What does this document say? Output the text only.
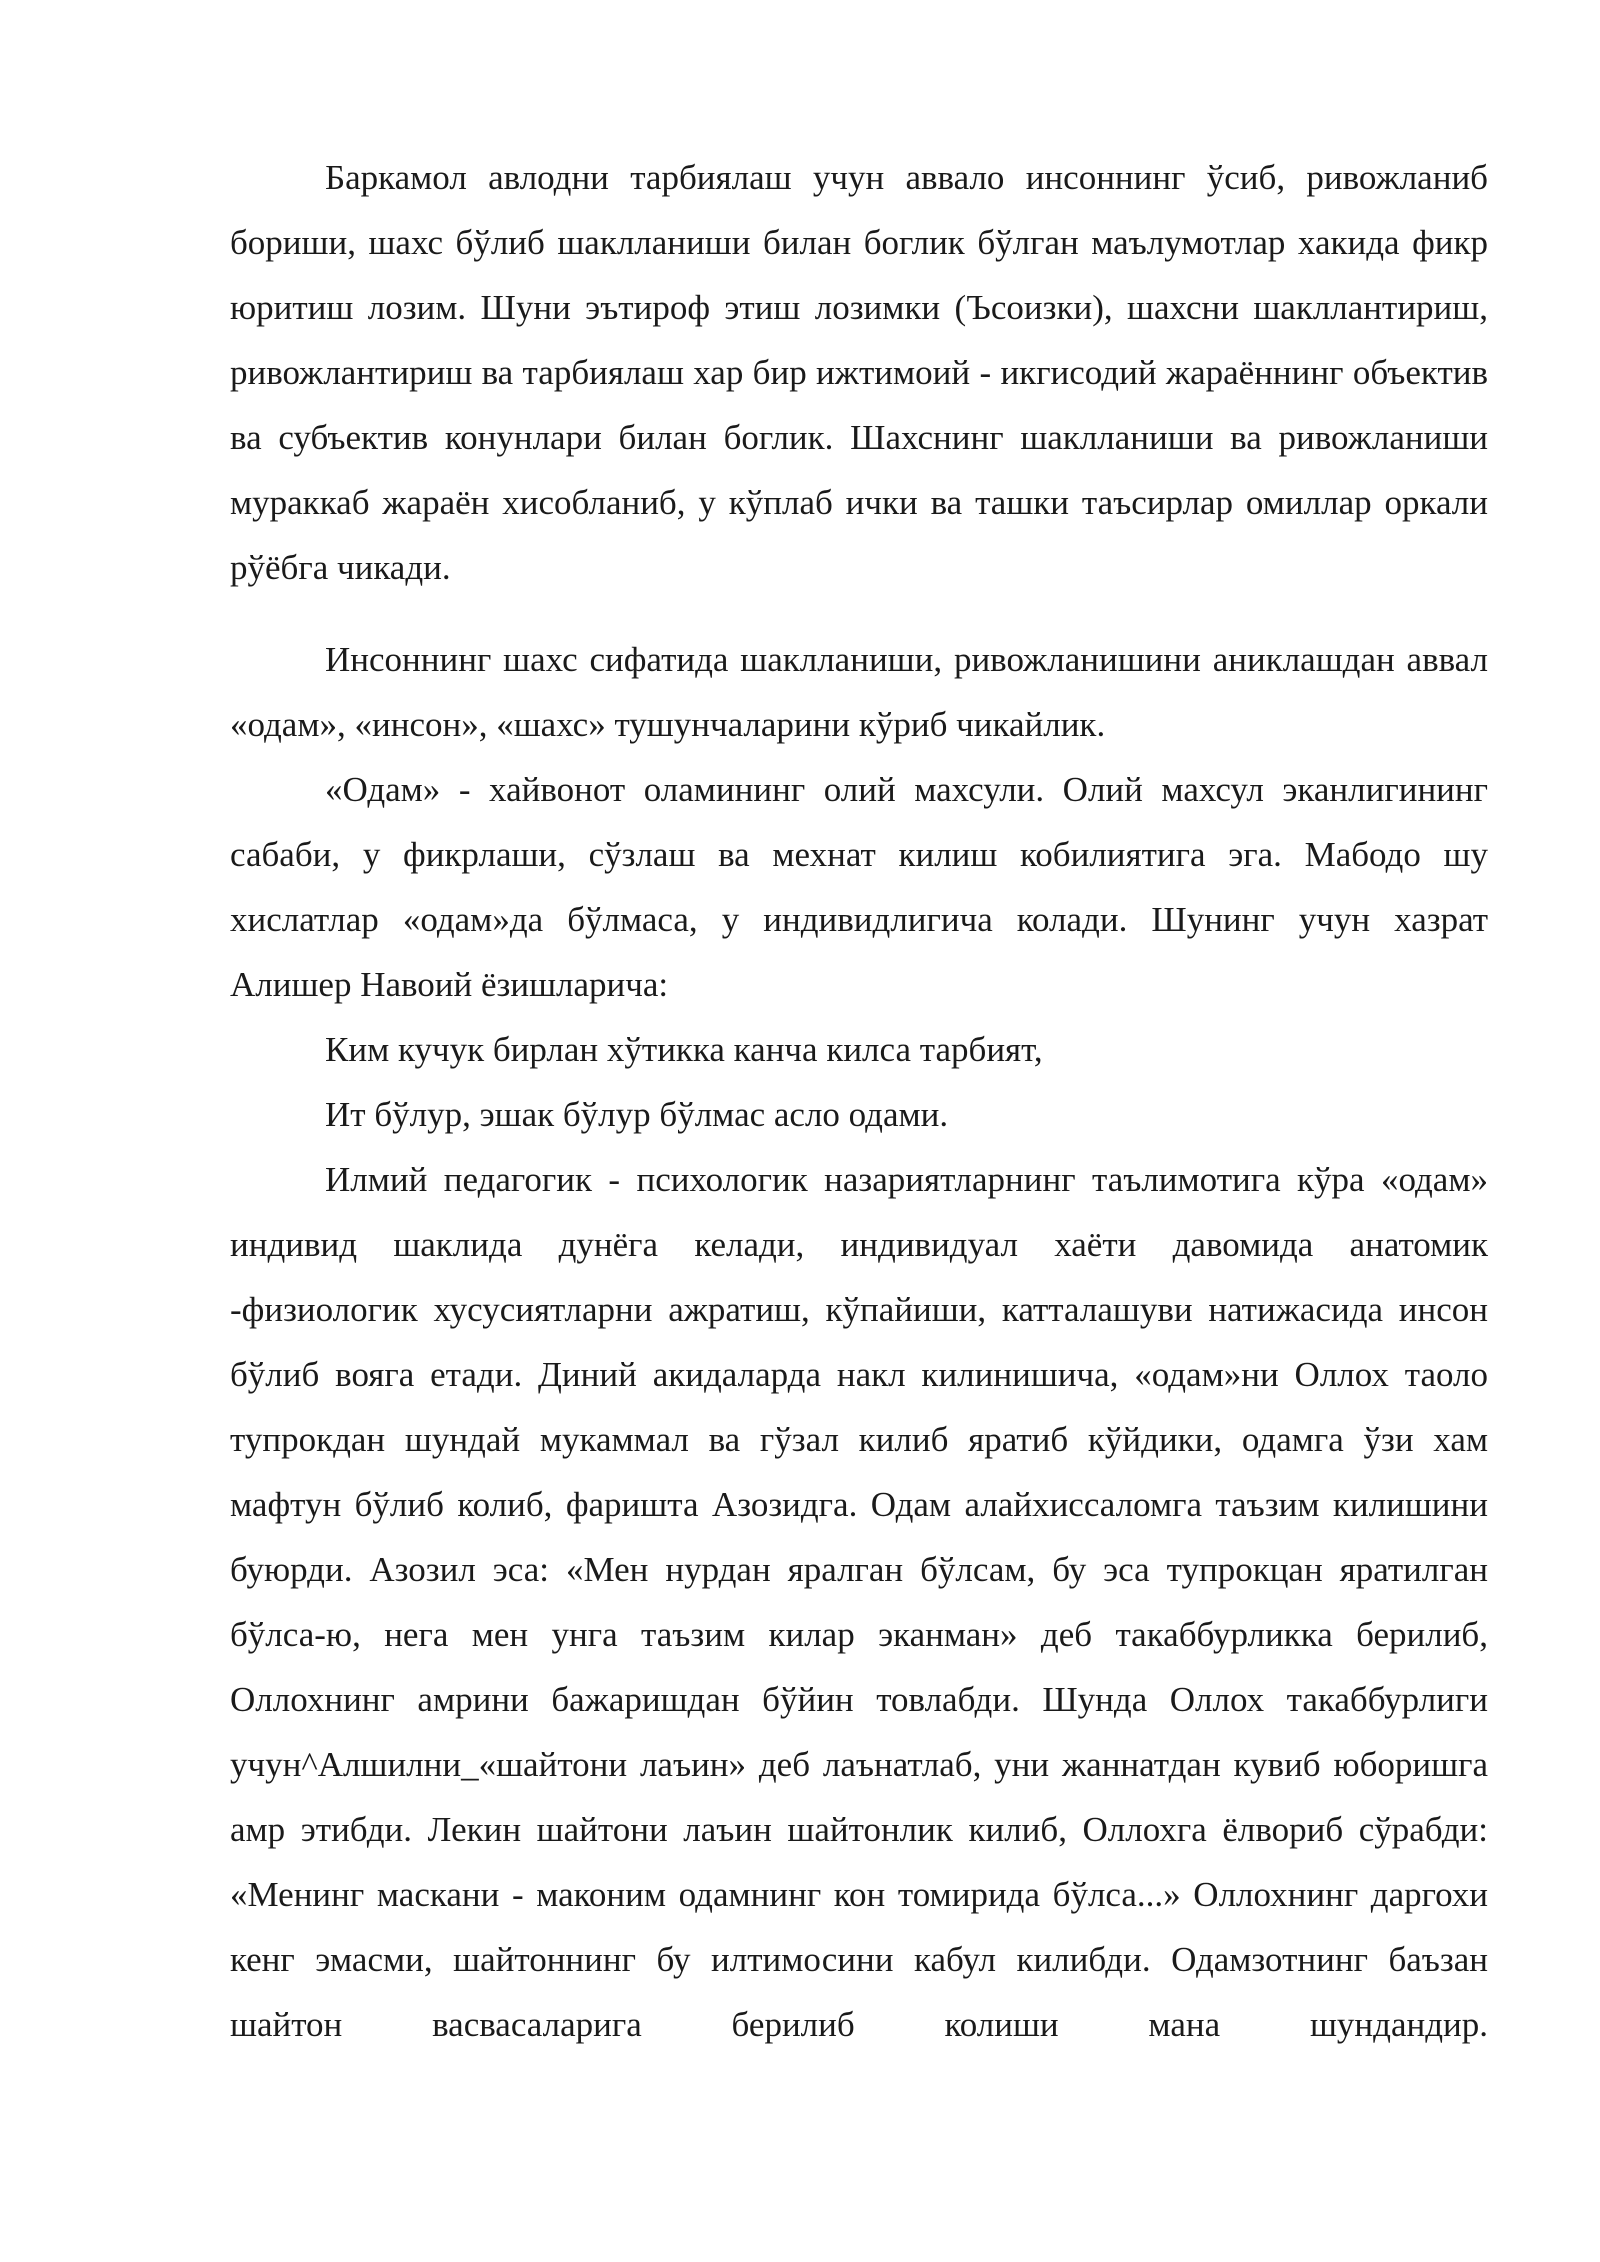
Баркамол авлодни тарбиялаш учун аввало инсоннинг ўсиб, ривожланиб бориши, шахс бўлиб шаклланиши билан боглик бўлган маълумотлар хакида фикр юритиш лозим. Шуни эътироф этиш лозимки (Ъсоизки), шахсни шакллантириш, ривожлантириш ва тарбиялаш хар бир ижтимоий - икгисодий жараённинг объектив ва субъектив конунлари билан боглик. Шахснинг шаклланиши ва ривожланиши мураккаб жараён хисобланиб, у кўплаб ички ва ташки таъсирлар омиллар оркали рўёбга чикади.

Инсоннинг шахс сифатида шаклланиши, ривожланишини аниклашдан аввал «одам», «инсон», «шахс» тушунчаларини кўриб чикайлик.

«Одам» - хайвонот оламининг олий махсули. Олий махсул эканлигининг сабаби, у фикрлаши, сўзлаш ва мехнат килиш кобилиятига эга. Мабодо шу хислатлар «одам»да бўлмаса, у индивидлигича колади. Шунинг учун хазрат Алишер Навоий ёзишларича:

Ким кучук бирлан хўтикка канча килса тарбият,

Ит бўлур, эшак бўлур бўлмас асло одами.

Илмий педагогик - психологик назариятларнинг таълимотига кўра «одам» индивид шаклида дунёга келади, индивидуал хаёти давомида анатомик -физиологик хусусиятларни ажратиш, кўпайиши, катталашуви натижасида инсон бўлиб вояга етади. Диний акидаларда накл килинишича, «одам»ни Оллох таоло тупрокдан шундай мукаммал ва гўзал килиб яратиб кўйдики, одамга ўзи хам мафтун бўлиб колиб, фаришта Азозидга. Одам алайхиссаломга таъзим килишини буюрди. Азозил эса: «Мен нурдан яралган бўлсам, бу эса тупрокцан яратилган бўлса-ю, нега мен унга таъзим килар эканман» деб такаббурликка берилиб, Оллохнинг амрини бажаришдан бўйин товлабди. Шунда Оллох такаббурлиги учун^Алшилни_«шайтони лаъин» деб лаънатлаб, уни жаннатдан кувиб юборишга амр этибди. Лекин шайтони лаъин шайтонлик килиб, Оллохга ёлвориб сўрабди: «Менинг маскани - маконим одамнинг кон томирида бўлса...» Оллохнинг даргохи кенг эмасми, шайтоннинг бу илтимосини кабул килибди. Одамзотнинг баъзан шайтон васвасаларига берилиб колиши мана шундандир.
